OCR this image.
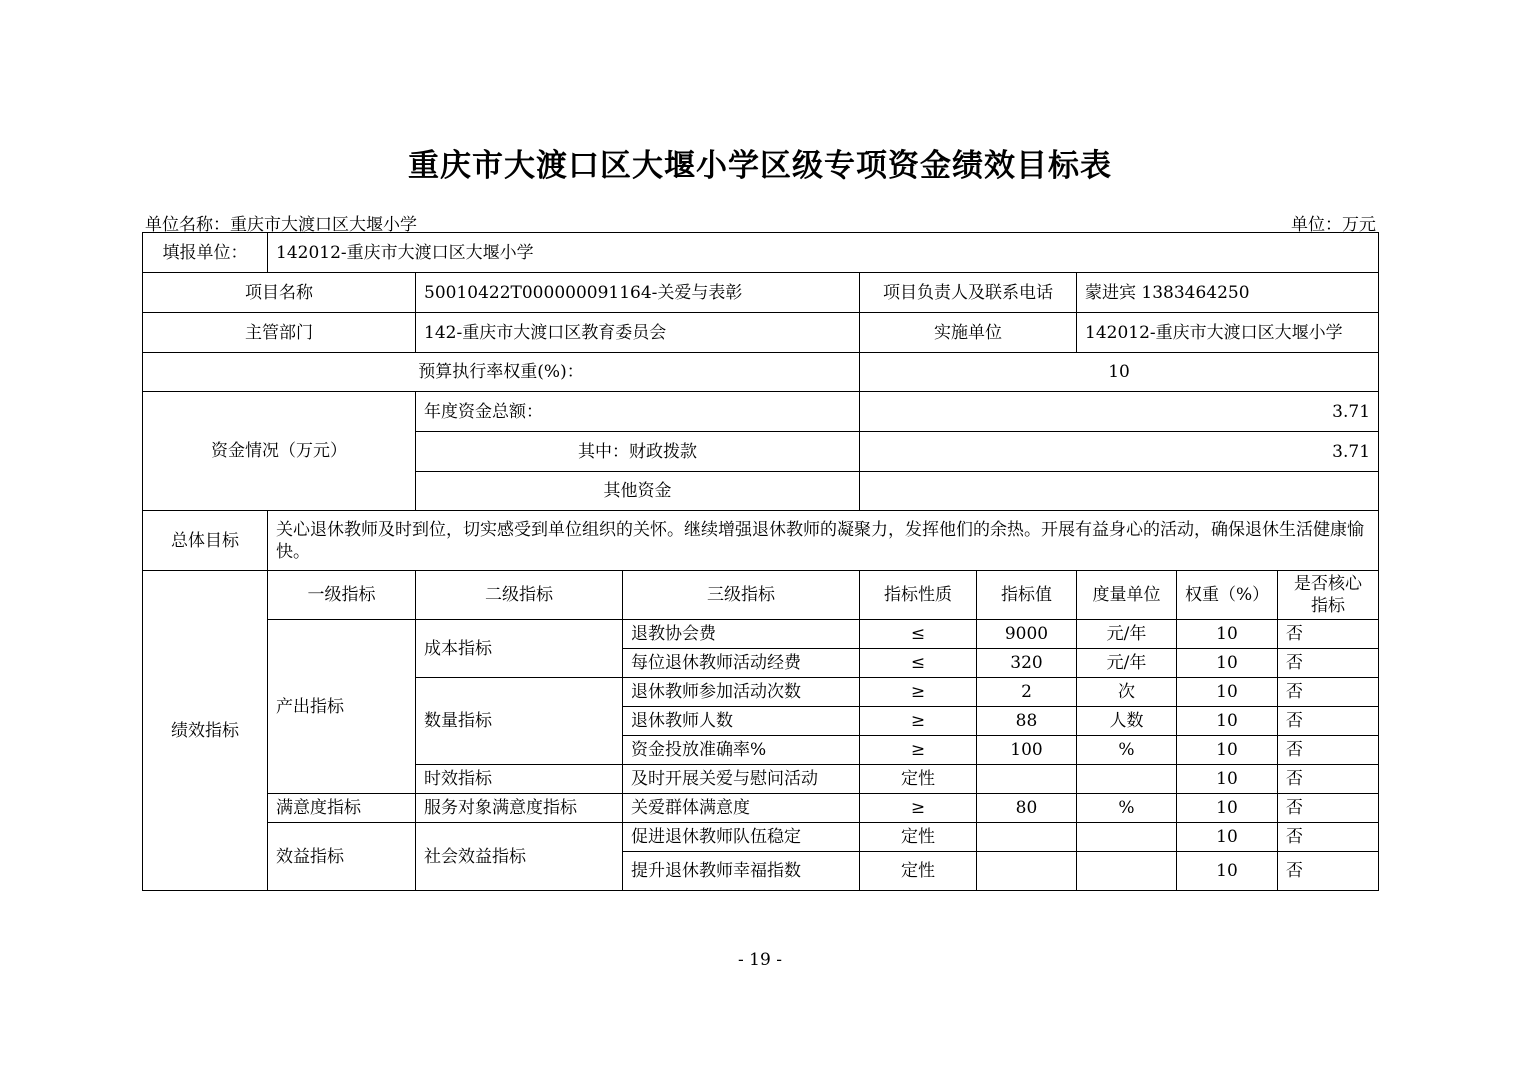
重庆市大渡口区大堰小学区级专项资金绩效目标表
单位名称：重庆市大渡口区大堰小学	单位：万元
填报单位：	142012-重庆市大渡口区大堰小学							
项目名称		50010422T000000091164-关爱与表彰		项目负责人及联系电话		蒙进宾 1383464250		
主管部门		142-重庆市大渡口区教育委员会		实施单位		142012-重庆市大渡口区大堰小学		
预算执行率权重(%)：				10				
资金情况（万元）		年度资金总额：		3.71				
		其中：财政拨款		3.71				
		其他资金						
总体目标	关心退休教师及时到位，切实感受到单位组织的关怀。继续增强退休教师的凝聚力，发挥他们的余热。开展有益身心的活动，确保退休生活健康愉快。							
绩效指标	一级指标	二级指标	三级指标	指标性质	指标值	度量单位	权重（%）	是否核心指标
	产出指标	成本指标	退教协会费	≤	9000	元/年	10	否
			每位退休教师活动经费	≤	320	元/年	10	否
		数量指标	退休教师参加活动次数	≥	2	次	10	否
			退休教师人数	≥	88	人数	10	否
			资金投放准确率%	≥	100	%	10	否
		时效指标	及时开展关爱与慰问活动	定性			10	否
	满意度指标	服务对象满意度指标	关爱群体满意度	≥	80	%	10	否
	效益指标	社会效益指标	促进退休教师队伍稳定	定性			10	否
			提升退休教师幸福指数	定性			10	否
- 19 -
